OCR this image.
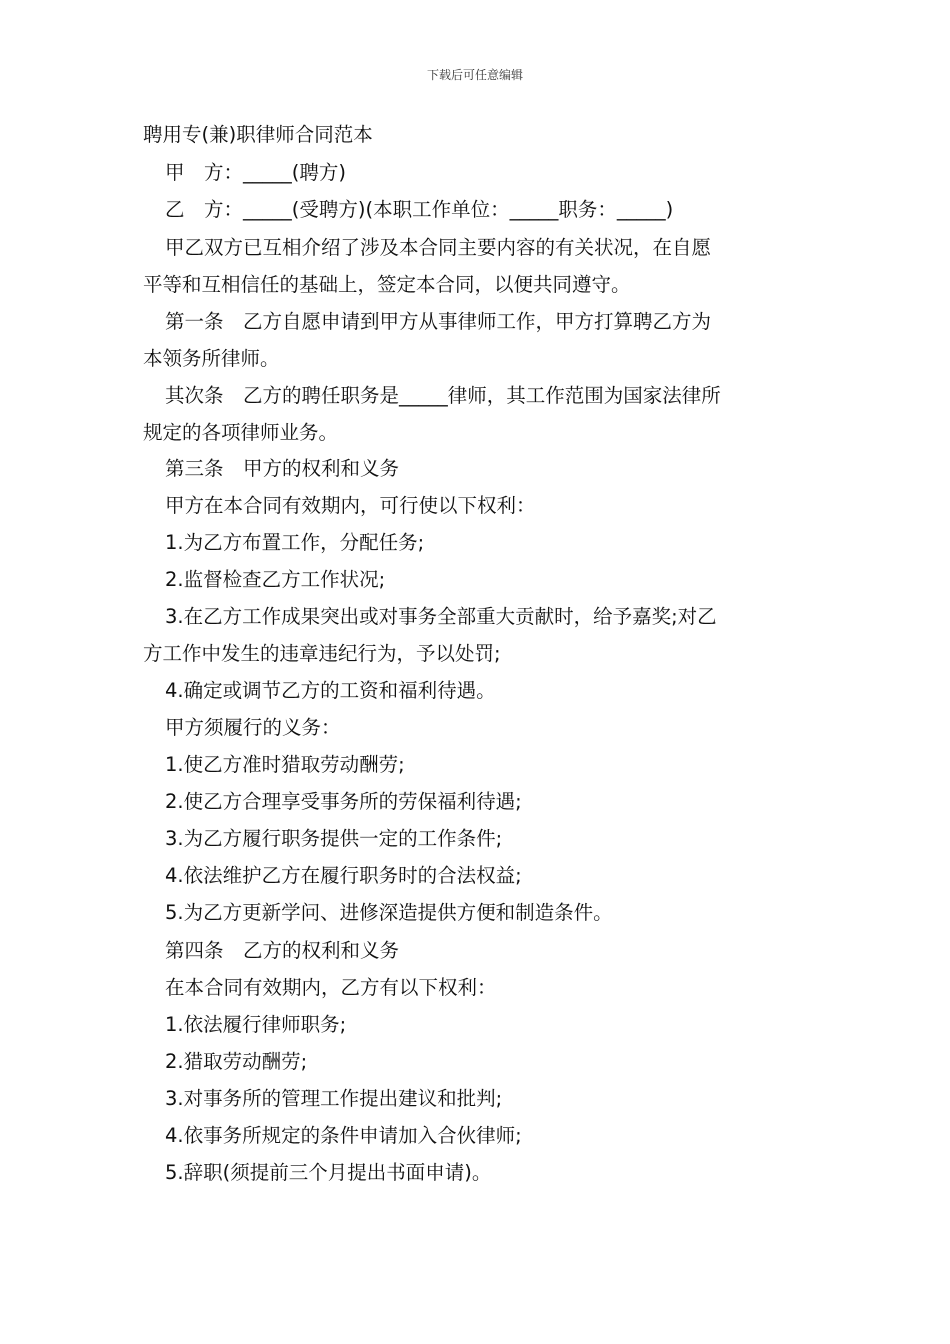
下载后可任意编辑
聘用专(兼)职律师合同范本
甲　方：_____(聘方)
乙　方：_____(受聘方)(本职工作单位：_____职务：_____)
甲乙双方已互相介绍了涉及本合同主要内容的有关状况，在自愿
平等和互相信任的基础上，签定本合同，以便共同遵守。
第一条　乙方自愿申请到甲方从事律师工作，甲方打算聘乙方为
本领务所律师。
其次条　乙方的聘任职务是_____律师，其工作范围为国家法律所
规定的各项律师业务。
第三条　甲方的权利和义务
甲方在本合同有效期内，可行使以下权利：
1.为乙方布置工作，分配任务;
2.监督检查乙方工作状况;
3.在乙方工作成果突出或对事务全部重大贡献时，给予嘉奖;对乙
方工作中发生的违章违纪行为，予以处罚;
4.确定或调节乙方的工资和福利待遇。
甲方须履行的义务：
1.使乙方准时猎取劳动酬劳;
2.使乙方合理享受事务所的劳保福利待遇;
3.为乙方履行职务提供一定的工作条件;
4.依法维护乙方在履行职务时的合法权益;
5.为乙方更新学问、进修深造提供方便和制造条件。
第四条　乙方的权利和义务
在本合同有效期内，乙方有以下权利：
1.依法履行律师职务;
2.猎取劳动酬劳;
3.对事务所的管理工作提出建议和批判;
4.依事务所规定的条件申请加入合伙律师;
5.辞职(须提前三个月提出书面申请)。
